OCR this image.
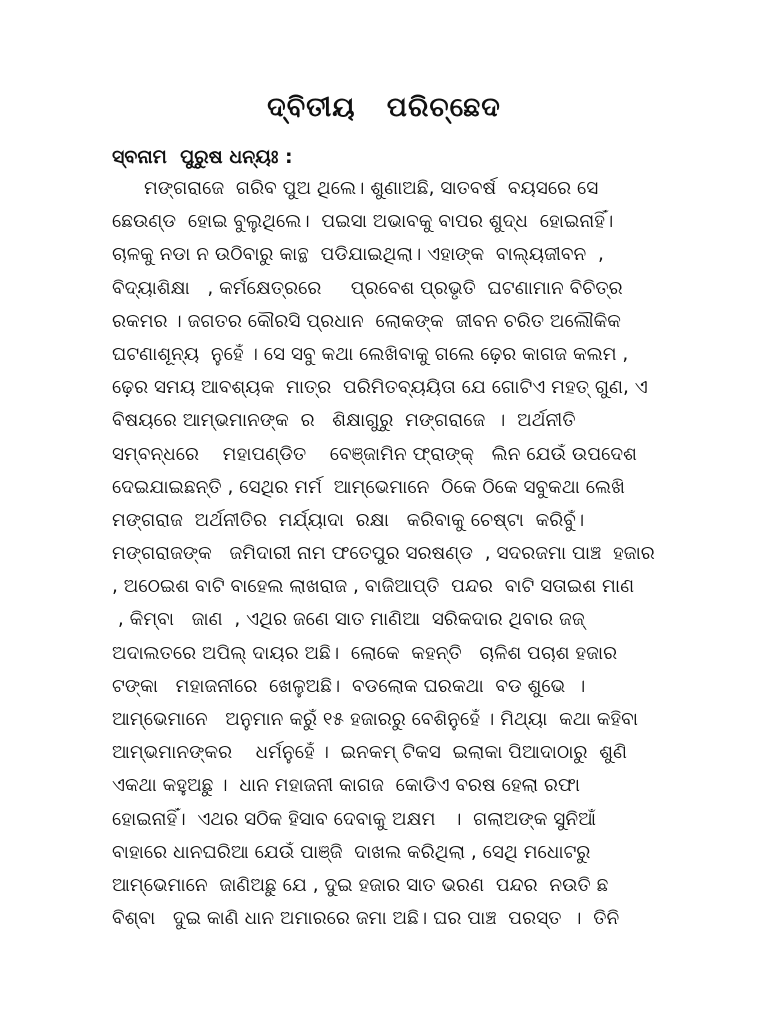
ଦ୍ବିତୀୟ   ପରିଚ୍ଛେଦ
ସ୍ବନାମ  ପୁରୁଷ ଧନ୍ୟଃ :
ମଙ୍ଗରାଜେ  ଗରିବ ପୁଅ ଥିଲେ। ଶୁଣାଅଛି, ସାତବର୍ଷ  ବୟସରେ ସେ
ଛେଉଣ୍ଡ  ହୋଇ ବୁଲୁଥିଲେ।  ପଇସା ଅଭାବକୁ ବାପର ଶୁଦ୍ଧ  ହୋଇନାହିଁ।
ଚାଳକୁ ନଡା ନ ଉଠିବାରୁ କାନ୍ଥ  ପଡିଯାଇଥିଲା। ଏହାଙ୍କ  ବାଲ୍ୟଜୀବନ  ,
ବିଦ୍ୟାଶିକ୍ଷା   , କର୍ମକ୍ଷେତ୍ରରେ     ପ୍ରବେଶ ପ୍ରଭୃତି  ଘଟଣାମାନ ବିଚିତ୍ର
ରକମର । ଜଗତର କୌରସି ପ୍ରଧାନ  ଲୋକଙ୍କ  ଜୀବନ ଚରିତ ଅଲୌକିକ
ଘଟଣାଶୂନ୍ୟ  ନୁହେଁ । ସେ ସବୁ କଥା ଲେଖିବାକୁ ଗଲେ ଢ଼େର କାଗଜ କଲମ ,
ଢ଼େର ସମୟ ଆବଶ୍ୟକ  ମାତ୍ର  ପରିମିତବ୍ୟୟିତା ଯେ ଗୋଟିଏ ମହତ୍ ଗୁଣ, ଏ
ବିଷୟରେ ଆମ୍ଭମାନଙ୍କ  ର   ଶିକ୍ଷାଗୁରୁ  ମଙ୍ଗରାଜେ  ।  ଅର୍ଥନୀତି
ସମ୍ବନ୍ଧରେ    ମହାପଣ୍ଡିତ    ବେଞ୍ଜାମିନ ଫ୍ରାଙ୍କ୍   ଲିନ ଯେଉଁ ଉପଦେଶ
ଦେଇଯାଇଛନ୍ତି , ସେଥିର ମର୍ମ  ଆମ୍ଭେମାନେ  ଠିକେ ଠିକେ ସବୁକଥା ଲେଖି
ମଙ୍ଗରାଜ  ଅର୍ଥନୀତିର  ମର୍ଯ୍ୟାଦା  ରକ୍ଷା   କରିବାକୁ ଚେଷ୍ଟା  କରିବୁଁ।
ମଙ୍ଗରାଜଙ୍କ   ଜମିଦାରୀ ନାମ ଫତେପୁର ସରଷଣ୍ଡ  , ସଦରଜମା ପାଞ୍ଚ  ହଜାର
, ଅଠେଇଶ ବାଟି ବାହେଲ ଲାଖରାଜ , ବାଜିଆପ୍ତି  ପନ୍ଦର  ବାଟି ସତାଇଶ ମାଣ
, କିମ୍ବା   ଜାଣ  , ଏଥିର ଜଣେ ସାତ ମାଣିଆ  ସରିକଦାର ଥିବାର ଜଜ୍
ଅଦାଲତରେ ଅପିଲ୍ ଦାୟର ଅଛି।  ଲୋକେ  କହନ୍ତି   ଚାଳିଶ ପଚାଶ ହଜାର
ଟଙ୍କା   ମହାଜନୀରେ  ଖେଳୁଅଛି।  ବଡଲୋକ ଘରକଥା  ବଡ ଶୁଭେ  ।
ଆମ୍ଭେମାନେ   ଅନୁମାନ କରୁଁ ୧୫ ହଜାରରୁ ବେଶିନୁହେଁ । ମିଥ୍ୟା  କଥା କହିବା
ଆମ୍ଭମାନଙ୍କର    ଧର୍ମନୁହେଁ ।  ଇନକମ୍ ଟିକସ  ଇଲାକା ପିଆଦାଠାରୁ  ଶୁଣି
ଏକଥା କହୁଅଛୁ ।  ଧାନ ମହାଜନୀ କାଗଜ  କୋଡିଏ ବରଷ ହେଲା ରଫା
ହୋଇନାହିଁ।  ଏଥର ସଠିକ ହିସାବ ଦେବାକୁ ଅକ୍ଷମ   ।  ଗଲାଅଙ୍କ ସୁନିଆଁ
ବାହାରେ ଧାନଘରିଆ ଯେଉଁ ପାଞ୍ଜି  ଦାଖଲ କରିଥିଲା , ସେଥି ମଧୋଟରୁ
ଆମ୍ଭେମାନେ  ଜାଣିଅଛୁ ଯେ , ଦୁଇ ହଜାର ସାତ ଭରଣ  ପନ୍ଦର  ନଉତି ଛ
ବିଶ୍ବା   ଦୁଇ କାଣି ଧାନ ଅମାରରେ ଜମା ଅଛି। ଘର ପାଞ୍ଚ  ପରସ୍ତ  ।  ତିନି
